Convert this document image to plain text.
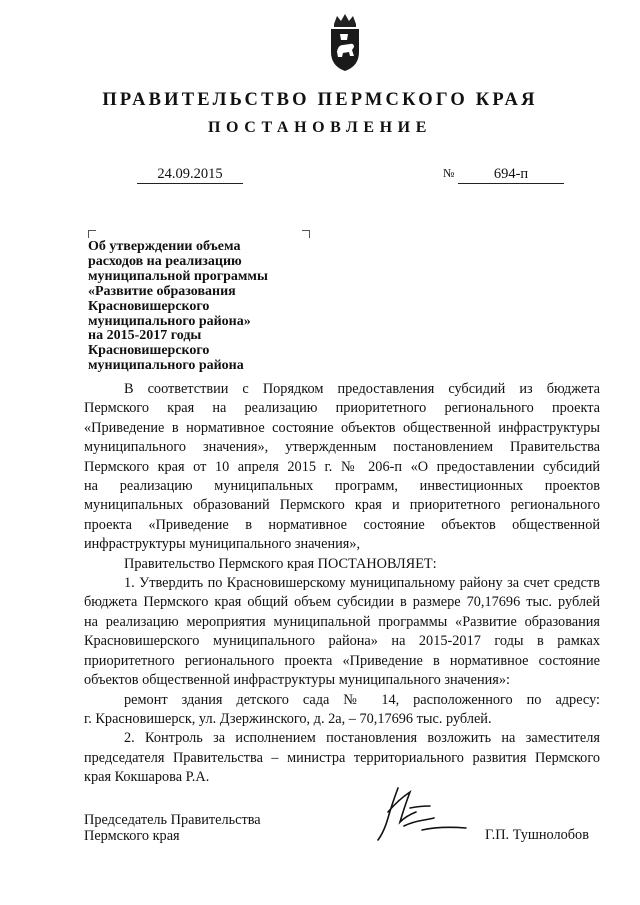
ПРАВИТЕЛЬСТВО ПЕРМСКОГО КРАЯ
ПОСТАНОВЛЕНИЕ
24.09.2015	№	694-п
Об утверждении объема
расходов на реализацию
муниципальной программы
«Развитие образования
Красновишерского
муниципального района»
на 2015-2017 годы
Красновишерского
муниципального района

В соответствии с Порядком предоставления субсидий из бюджета

Пермского края на реализацию приоритетного регионального проекта

«Приведение в нормативное состояние объектов общественной инфраструктуры

муниципального значения», утвержденным постановлением Правительства

Пермского края от 10 апреля 2015 г. № 206-п «О предоставлении субсидий

на реализацию муниципальных программ, инвестиционных проектов

муниципальных образований Пермского края и приоритетного регионального

проекта «Приведение в нормативное состояние объектов общественной

инфраструктуры муниципального значения»,

Правительство Пермского края ПОСТАНОВЛЯЕТ:

1. Утвердить по Красновишерскому муниципальному району за счет средств

бюджета Пермского края общий объем субсидии в размере 70,17696 тыс. рублей

на реализацию мероприятия муниципальной программы «Развитие образования

Красновишерского муниципального района» на 2015-2017 годы в рамках

приоритетного регионального проекта «Приведение в нормативное состояние

объектов общественной инфраструктуры муниципального значения»:

ремонт здания детского сада № 14, расположенного по адресу:

г. Красновишерск, ул. Дзержинского, д. 2а, – 70,17696 тыс. рублей.

2. Контроль за исполнением постановления возложить на заместителя

председателя Правительства – министра территориального развития Пермского

края Кокшарова Р.А.

Председатель Правительства
Пермского края	Г.П. Тушнолобов
